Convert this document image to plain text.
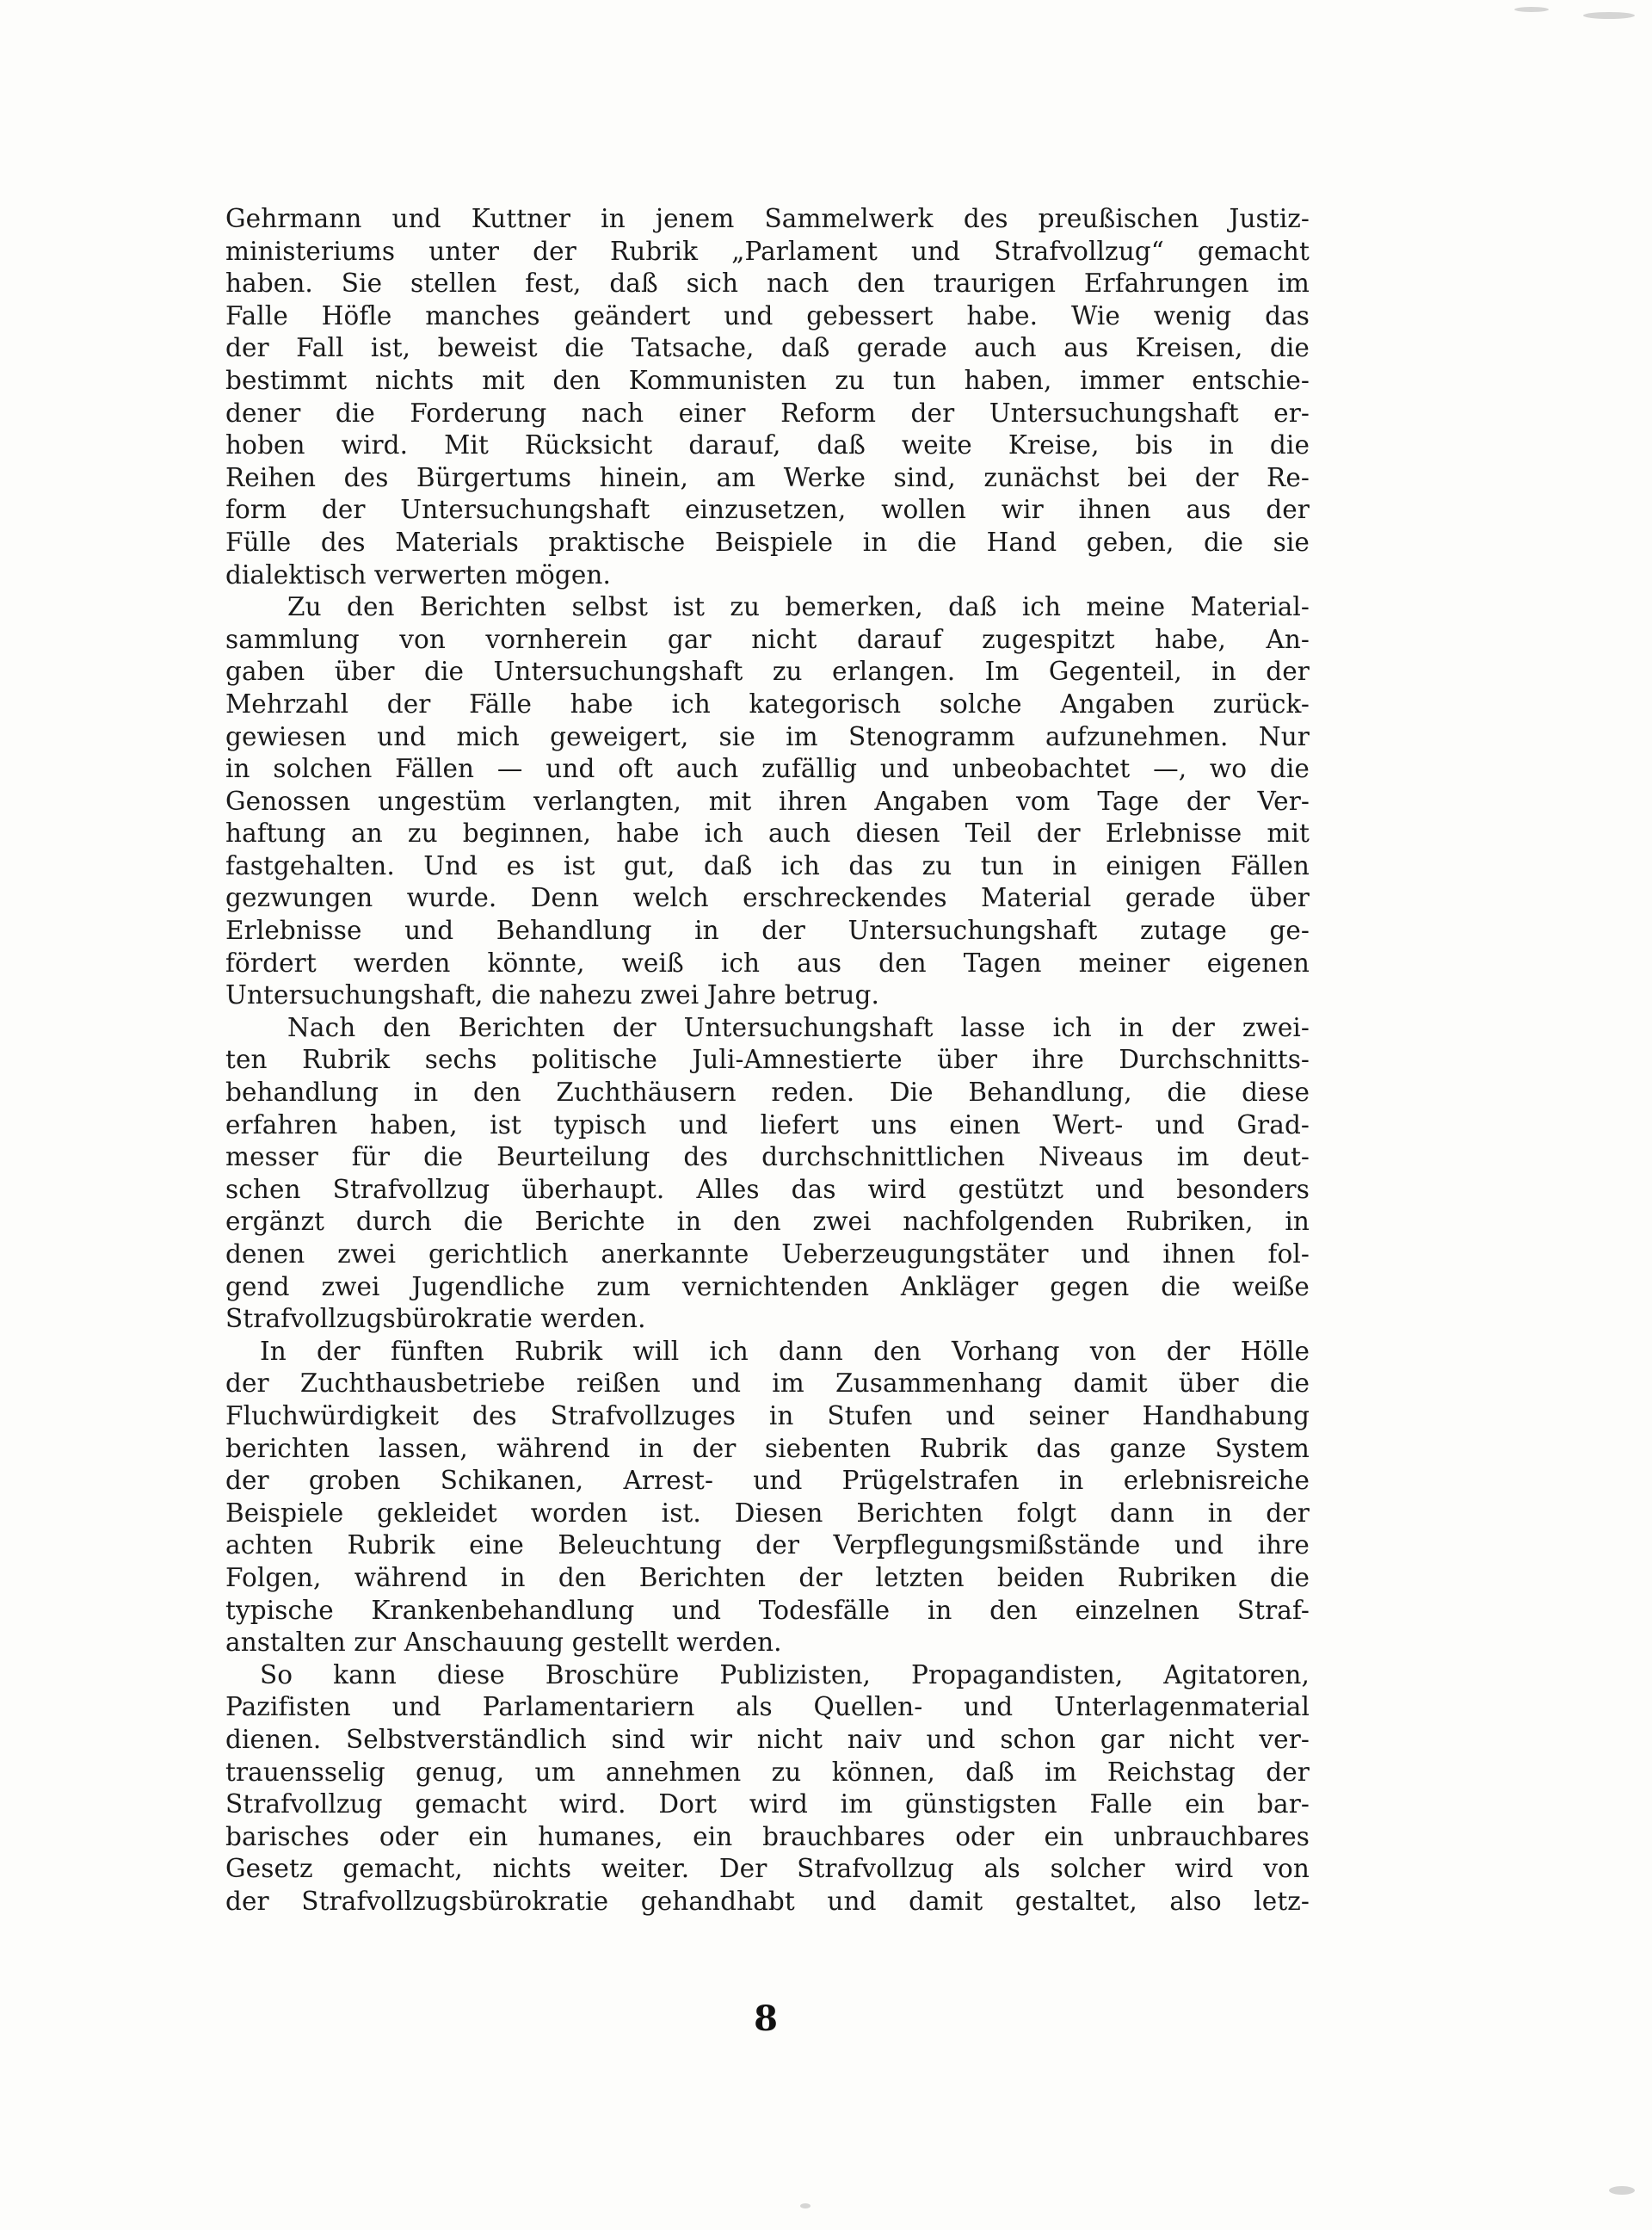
Gehrmann und Kuttner in jenem Sammelwerk des preußischen Justiz-
ministeriums unter der Rubrik „Parlament und Strafvollzug“ gemacht
haben. Sie stellen fest, daß sich nach den traurigen Erfahrungen im
Falle Höfle manches geändert und gebessert habe. Wie wenig das
der Fall ist, beweist die Tatsache, daß gerade auch aus Kreisen, die
bestimmt nichts mit den Kommunisten zu tun haben, immer entschie-
dener die Forderung nach einer Reform der Untersuchungshaft er-
hoben wird. Mit Rücksicht darauf, daß weite Kreise, bis in die
Reihen des Bürgertums hinein, am Werke sind, zunächst bei der Re-
form der Untersuchungshaft einzusetzen, wollen wir ihnen aus der
Fülle des Materials praktische Beispiele in die Hand geben, die sie
dialektisch verwerten mögen.
Zu den Berichten selbst ist zu bemerken, daß ich meine Material-
sammlung von vornherein gar nicht darauf zugespitzt habe, An-
gaben über die Untersuchungshaft zu erlangen. Im Gegenteil, in der
Mehrzahl der Fälle habe ich kategorisch solche Angaben zurück-
gewiesen und mich geweigert, sie im Stenogramm aufzunehmen. Nur
in solchen Fällen — und oft auch zufällig und unbeobachtet —, wo die
Genossen ungestüm verlangten, mit ihren Angaben vom Tage der Ver-
haftung an zu beginnen, habe ich auch diesen Teil der Erlebnisse mit
fastgehalten. Und es ist gut, daß ich das zu tun in einigen Fällen
gezwungen wurde. Denn welch erschreckendes Material gerade über
Erlebnisse und Behandlung in der Untersuchungshaft zutage ge-
fördert werden könnte, weiß ich aus den Tagen meiner eigenen
Untersuchungshaft, die nahezu zwei Jahre betrug.
Nach den Berichten der Untersuchungshaft lasse ich in der zwei-
ten Rubrik sechs politische Juli-Amnestierte über ihre Durchschnitts-
behandlung in den Zuchthäusern reden. Die Behandlung, die diese
erfahren haben, ist typisch und liefert uns einen Wert- und Grad-
messer für die Beurteilung des durchschnittlichen Niveaus im deut-
schen Strafvollzug überhaupt. Alles das wird gestützt und besonders
ergänzt durch die Berichte in den zwei nachfolgenden Rubriken, in
denen zwei gerichtlich anerkannte Ueberzeugungstäter und ihnen fol-
gend zwei Jugendliche zum vernichtenden Ankläger gegen die weiße
Strafvollzugsbürokratie werden.
In der fünften Rubrik will ich dann den Vorhang von der Hölle
der Zuchthausbetriebe reißen und im Zusammenhang damit über die
Fluchwürdigkeit des Strafvollzuges in Stufen und seiner Handhabung
berichten lassen, während in der siebenten Rubrik das ganze System
der groben Schikanen, Arrest- und Prügelstrafen in erlebnisreiche
Beispiele gekleidet worden ist. Diesen Berichten folgt dann in der
achten Rubrik eine Beleuchtung der Verpflegungsmißstände und ihre
Folgen, während in den Berichten der letzten beiden Rubriken die
typische Krankenbehandlung und Todesfälle in den einzelnen Straf-
anstalten zur Anschauung gestellt werden.
So kann diese Broschüre Publizisten, Propagandisten, Agitatoren,
Pazifisten und Parlamentariern als Quellen- und Unterlagenmaterial
dienen. Selbstverständlich sind wir nicht naiv und schon gar nicht ver-
trauensselig genug, um annehmen zu können, daß im Reichstag der
Strafvollzug gemacht wird. Dort wird im günstigsten Falle ein bar-
barisches oder ein humanes, ein brauchbares oder ein unbrauchbares
Gesetz gemacht, nichts weiter. Der Strafvollzug als solcher wird von
der Strafvollzugsbürokratie gehandhabt und damit gestaltet, also letz-
8
